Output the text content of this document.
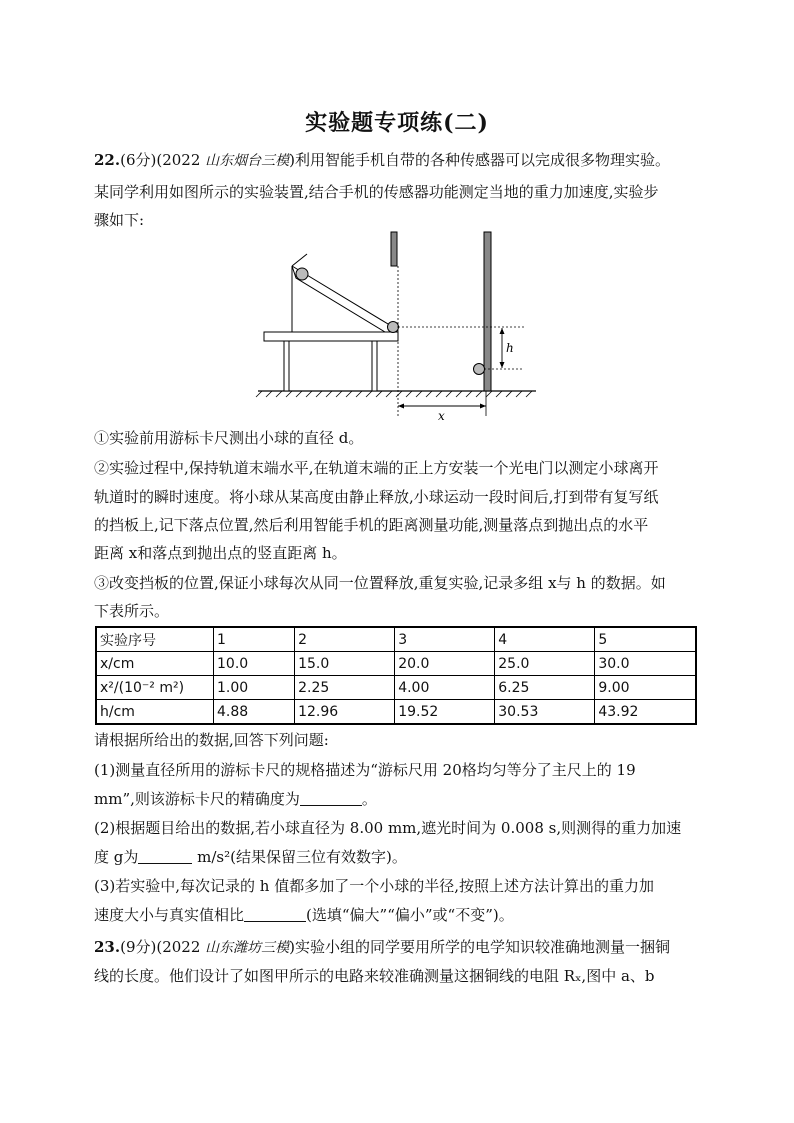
实验题专项练(二)
22.(6分)(2022 山东烟台三模)利用智能手机自带的各种传感器可以完成很多物理实验。
某同学利用如图所示的实验装置,结合手机的传感器功能测定当地的重力加速度,实验步
骤如下:
h
x
①实验前用游标卡尺测出小球的直径 d。
②实验过程中,保持轨道末端水平,在轨道末端的正上方安装一个光电门以测定小球离开
轨道时的瞬时速度。将小球从某高度由静止释放,小球运动一段时间后,打到带有复写纸
的挡板上,记下落点位置,然后利用智能手机的距离测量功能,测量落点到抛出点的水平
距离 x和落点到抛出点的竖直距离 h。
③改变挡板的位置,保证小球每次从同一位置释放,重复实验,记录多组 x与 h 的数据。如
下表所示。
实验序号	1	2	3	4	5
x/cm	10.0	15.0	20.0	25.0	30.0
x²/(10⁻² m²)	1.00	2.25	4.00	6.25	9.00
h/cm	4.88	12.96	19.52	30.53	43.92
请根据所给出的数据,回答下列问题:
(1)测量直径所用的游标卡尺的规格描述为“游标尺用 20格均匀等分了主尺上的 19
mm”,则该游标卡尺的精确度为	。
(2)根据题目给出的数据,若小球直径为 8.00 mm,遮光时间为 0.008 s,则测得的重力加速
度 g为	m/s²(结果保留三位有效数字)。
(3)若实验中,每次记录的 h 值都多加了一个小球的半径,按照上述方法计算出的重力加
速度大小与真实值相比	(选填“偏大”“偏小”或“不变”)。
23.(9分)(2022 山东潍坊三模)实验小组的同学要用所学的电学知识较准确地测量一捆铜
线的长度。他们设计了如图甲所示的电路来较准确测量这捆铜线的电阻 Rₓ,图中 a、b
